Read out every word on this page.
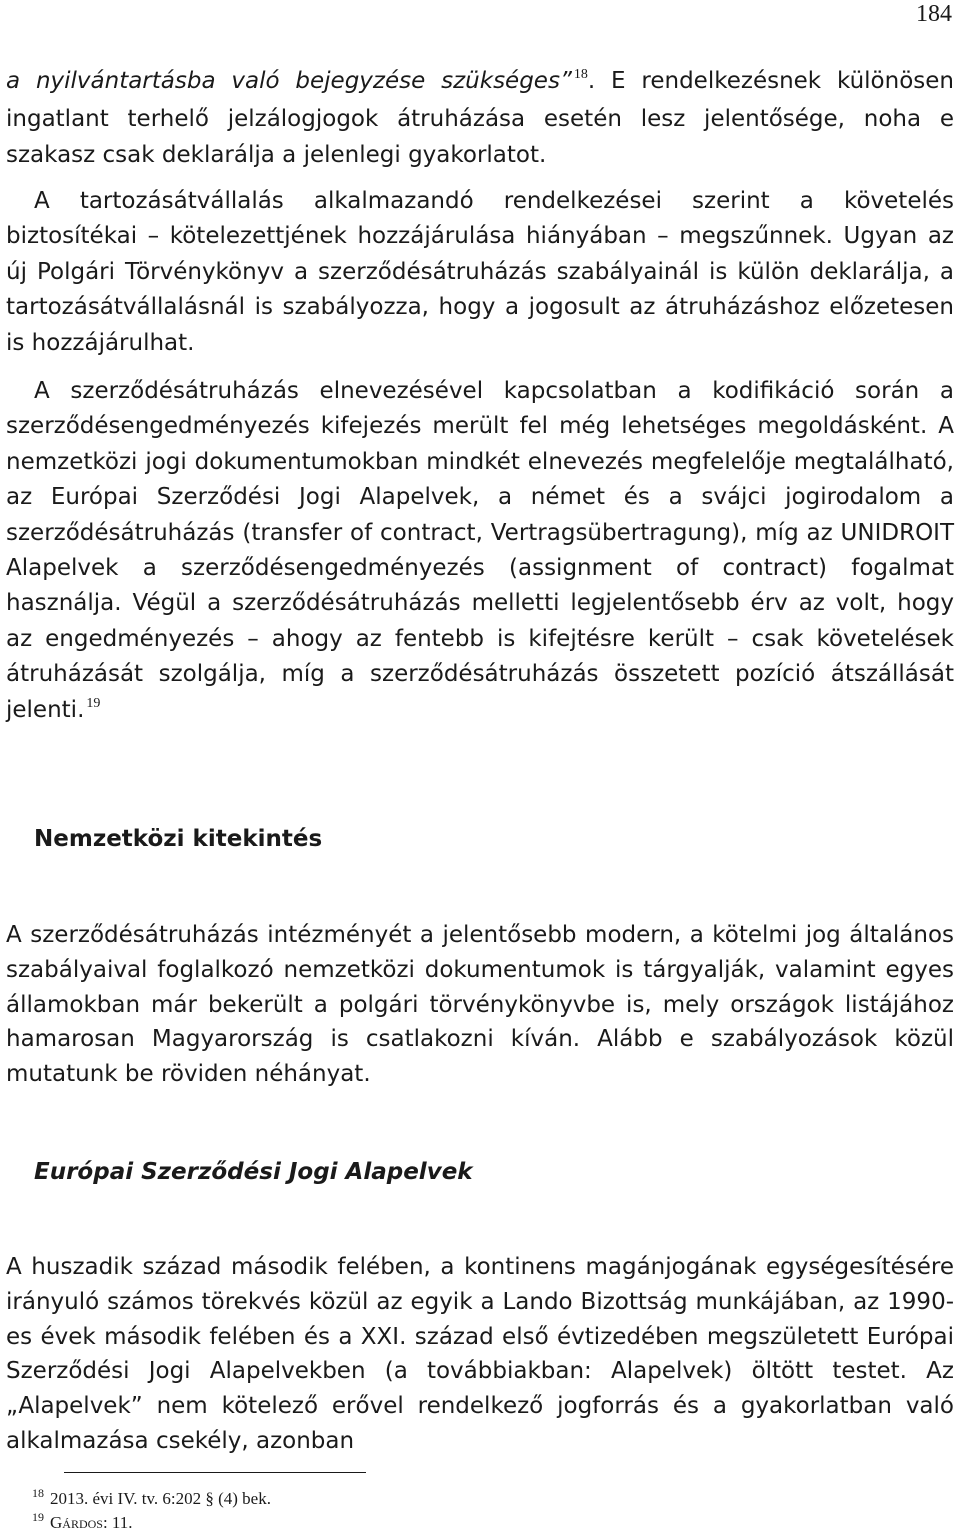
184

a nyilvántartásba való bejegyzése szükséges” $^{18}$. E rendelkezésnek különösen ingatlant terhelő jelzálogjogok átruházása esetén lesz jelentősége, noha e szakasz csak deklarálja a jelenlegi gyakorlatot.

A tartozásátvállalás alkalmazandó rendelkezései szerint a követelés biztosítékai – kötelezettjének hozzájárulása hiányában – megszűnnek. Ugyan az új Polgári Törvénykönyv a szerződésátruházás szabályainál is külön deklarálja, a tartozásátvállalásnál is szabályozza, hogy a jogosult az átruházáshoz előzetesen is hozzájárulhat.

A szerződésátruházás elnevezésével kapcsolatban a kodifikáció során a szerződésengedményezés kifejezés merült fel még lehetséges megoldásként. A nemzetközi jogi dokumentumokban mindkét elnevezés megfelelője megtalálható, az Európai Szerződési Jogi Alapelvek, a német és a svájci jogirodalom a szerződésátruházás (transfer of contract, Vertragsübertragung), míg az UNIDROIT Alapelvek a szerződésengedményezés (assignment of contract) fogalmat használja. Végül a szerződésátruházás melletti legjelentősebb érv az volt, hogy az engedményezés – ahogy az fentebb is kifejtésre került – csak követelések átruházását szolgálja, míg a szerződésátruházás összetett pozíció átszállását jelenti. $^{19}$

Nemzetközi kitekintés

A szerződésátruházás intézményét a jelentősebb modern, a kötelmi jog általános szabályaival foglalkozó nemzetközi dokumentumok is tárgyalják, valamint egyes államokban már bekerült a polgári törvénykönyvbe is, mely országok listájához hamarosan Magyarország is csatlakozni kíván. Alább e szabályozások közül mutatunk be röviden néhányat.

Európai Szerződési Jogi Alapelvek

A huszadik század második felében, a kontinens magánjogának egységesítésére irányuló számos törekvés közül az egyik a Lando Bizottság munkájában, az 1990-es évek második felében és a XXI. század első évtizedében megszületett Európai Szerződési Jogi Alapelvekben (a továbbiakban: Alapelvek) öltött testet. Az „Alapelvek” nem kötelező erővel rendelkező jogforrás és a gyakorlatban való alkalmazása csekély, azonban

$^{18}$ 2013. évi IV. tv. 6:202 § (4) bek.

$^{19}$ Gárdos: 11.
